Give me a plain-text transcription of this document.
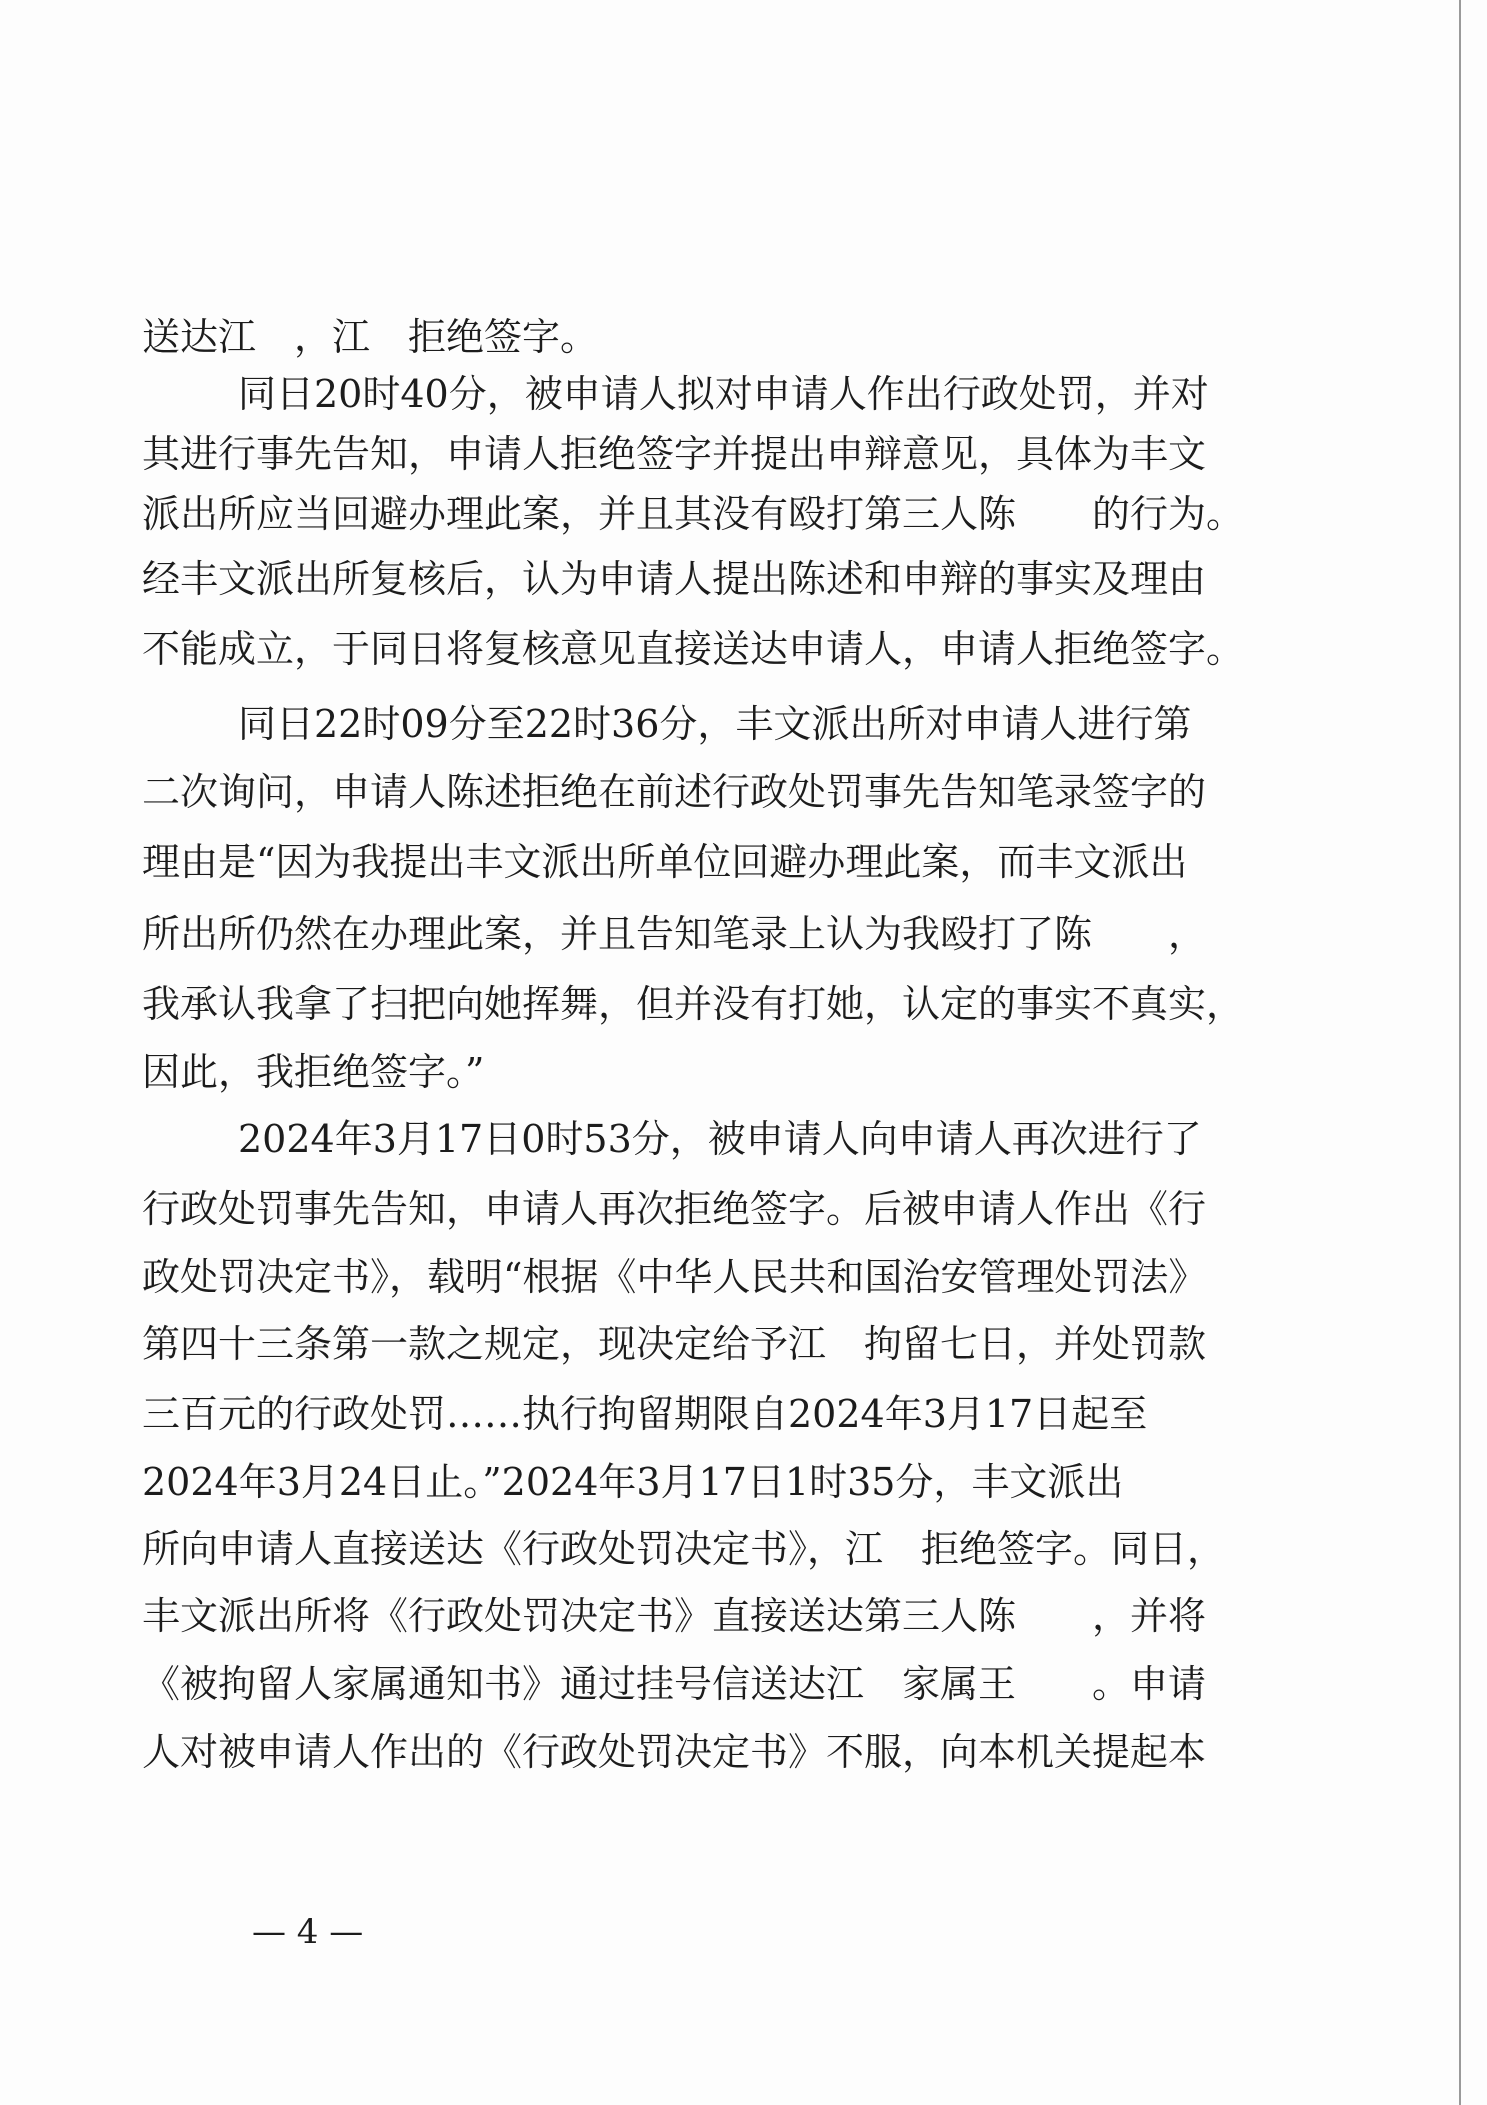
送达江　，江　拒绝签字。
同日20时40分，被申请人拟对申请人作出行政处罚，并对
其进行事先告知，申请人拒绝签字并提出申辩意见，具体为丰文
派出所应当回避办理此案，并且其没有殴打第三人陈　　的行为。
经丰文派出所复核后，认为申请人提出陈述和申辩的事实及理由
不能成立，于同日将复核意见直接送达申请人，申请人拒绝签字。
同日22时09分至22时36分，丰文派出所对申请人进行第
二次询问，申请人陈述拒绝在前述行政处罚事先告知笔录签字的
理由是“因为我提出丰文派出所单位回避办理此案，而丰文派出
所出所仍然在办理此案，并且告知笔录上认为我殴打了陈　　，
我承认我拿了扫把向她挥舞，但并没有打她，认定的事实不真实，
因此，我拒绝签字。”
2024年3月17日0时53分，被申请人向申请人再次进行了
行政处罚事先告知，申请人再次拒绝签字。后被申请人作出《行
政处罚决定书》，载明“根据《中华人民共和国治安管理处罚法》
第四十三条第一款之规定，现决定给予江　拘留七日，并处罚款
三百元的行政处罚……执行拘留期限自2024年3月17日起至
2024年3月24日止。”2024年3月17日1时35分，丰文派出
所向申请人直接送达《行政处罚决定书》，江　拒绝签字。同日，
丰文派出所将《行政处罚决定书》直接送达第三人陈　　，并将
《被拘留人家属通知书》通过挂号信送达江　家属王　　。申请
人对被申请人作出的《行政处罚决定书》不服，向本机关提起本
— 4 —
